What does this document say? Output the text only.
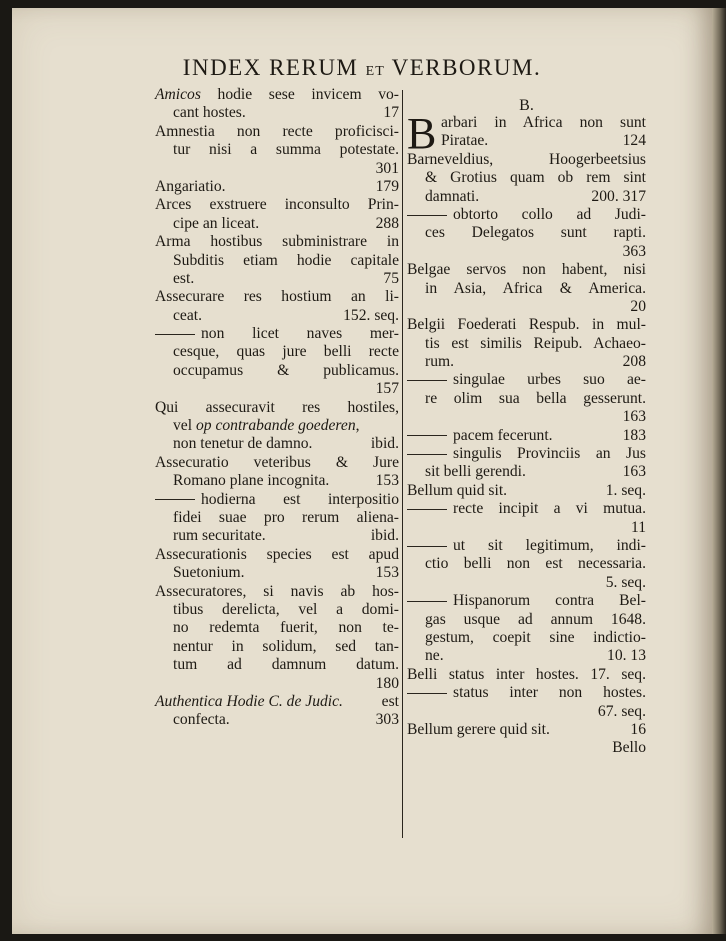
INDEX RERUM ET VERBORUM.
Amicos hodie sese invicem vo-
cant hostes.	17
Amnestia non recte proficisci-
tur nisi a summa potestate.
301
Angariatio.	179
Arces exstruere inconsulto Prin-
cipe an liceat.	288
Arma hostibus subministrare in
Subditis etiam hodie capitale
est.	75
Assecurare res hostium an li-
ceat.	152. seq.
non licet naves mer-
cesque, quas jure belli recte
occupamus & publicamus.
157
Qui assecuravit res hostiles,
vel op contrabande goederen,
non tenetur de damno.	ibid.
Assecuratio veteribus & Jure
Romano plane incognita.	153
hodierna est interpositio
fidei suae pro rerum aliena-
rum securitate.	ibid.
Assecurationis species est apud
Suetonium.	153
Assecuratores, si navis ab hos-
tibus derelicta, vel a domi-
no redemta fuerit, non te-
nentur in solidum, sed tan-
tum ad damnum datum.
180
Authentica Hodie C. de Judic. est
confecta.	303
B.
B arbari in Africa non sunt
Piratae.	124
Barneveldius, Hoogerbeetsius
& Grotius quam ob rem sint
damnati.	200. 317
obtorto collo ad Judi-
ces Delegatos sunt rapti.
363
Belgae servos non habent, nisi
in Asia, Africa & America.
20
Belgii Foederati Respub. in mul-
tis est similis Reipub. Achaeo-
rum.	208
singulae urbes suo ae-
re olim sua bella gesserunt.
163
pacem fecerunt.	183
singulis Provinciis an Jus
sit belli gerendi.	163
Bellum quid sit.	1. seq.
recte incipit a vi mutua.
11
ut sit legitimum, indi-
ctio belli non est necessaria.
5. seq.
Hispanorum contra Bel-
gas usque ad annum 1648.
gestum, coepit sine indictio-
ne.	10. 13
Belli status inter hostes. 17. seq.
status inter non hostes.
67. seq.
Bellum gerere quid sit.	16
Bello
